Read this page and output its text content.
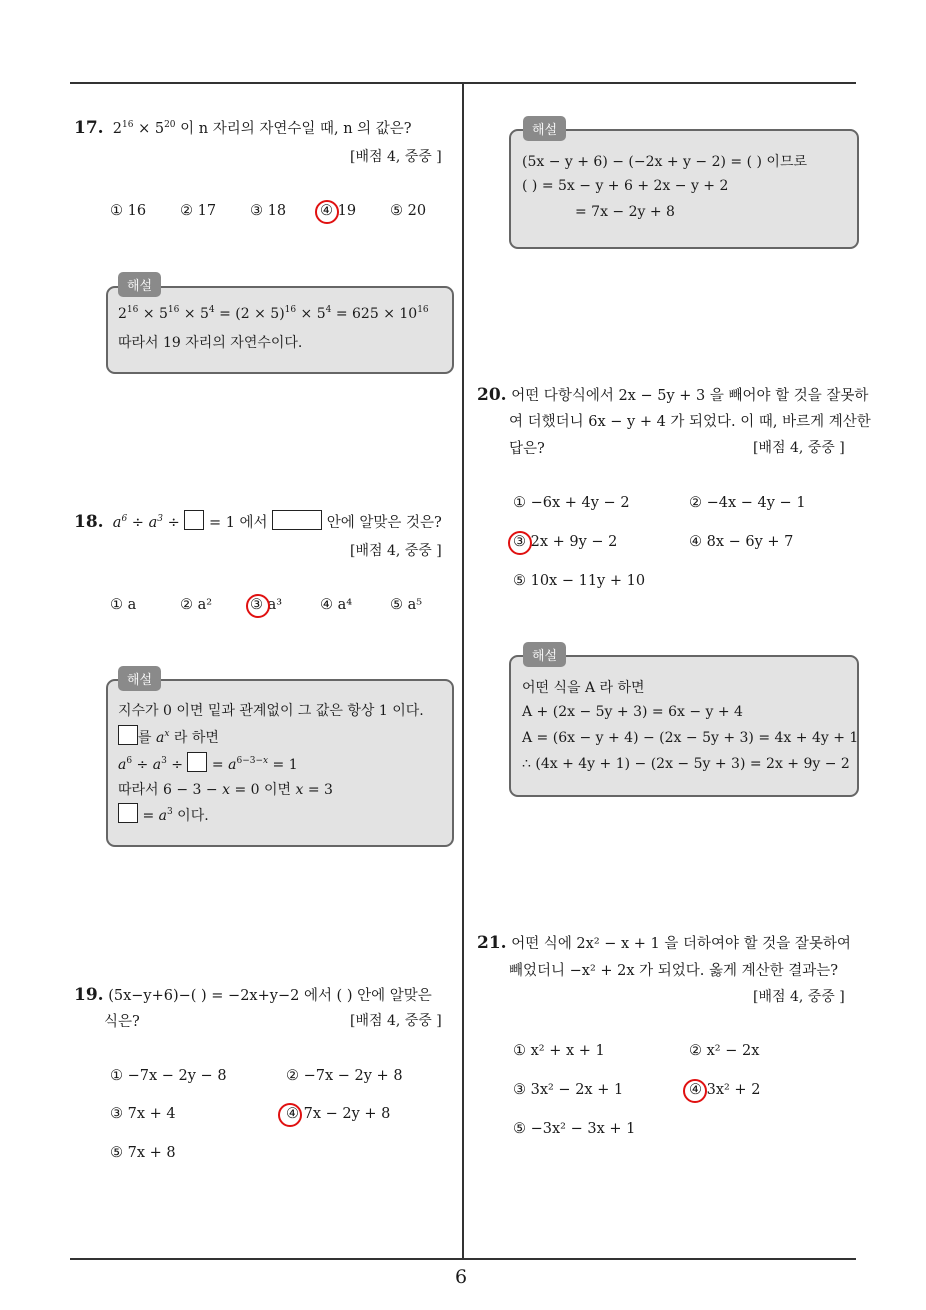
6
17.  $2^{16} \times 5^{20}$ 이 n 자리의 자연수일 때, n 의 값은?
[배점 4, 중중 ]
① 16 ② 17 ③ 18 ④ 19 ⑤ 20
해설
$2^{16} \times 5^{16} \times 5^4 = (2 \times 5)^{16} \times 5^4 = 625 \times 10^{16}$
따라서 19 자리의 자연수이다.
18.  $a^6 \div a^3$ ÷ = 1 에서	안에 알맞은 것은?
[배점 4, 중중 ]
① a	② a²	③ a³	④ a⁴	⑤ a⁵
해설
지수가 0 이면 밑과 관계없이 그 값은 항상 1 이다.
를 $a^x$ 라 하면
$a^6 \div a^3$ ÷  = $a^{6-3-x} = 1$
따라서 6 − 3 − x = 0 이면 x = 3
= $a^3$ 이다.
19. (5x−y+6)−( ) = −2x+y−2 에서 ( ) 안에 알맞은
식은?	[배점 4, 중중 ]
① −7x − 2y − 8	② −7x − 2y + 8
③ 7x + 4	④ 7x − 2y + 8
⑤ 7x + 8
해설
(5x − y + 6) − (−2x + y − 2) = ( ) 이므로
( ) = 5x − y + 6 + 2x − y + 2
= 7x − 2y + 8
20. 어떤 다항식에서 2x − 5y + 3 을 빼어야 할 것을 잘못하
여 더했더니 6x − y + 4 가 되었다. 이 때, 바르게 계산한
답은?	[배점 4, 중중 ]
① −6x + 4y − 2	② −4x − 4y − 1
③ 2x + 9y − 2	④ 8x − 6y + 7
⑤ 10x − 11y + 10
해설
어떤 식을 A 라 하면
A + (2x − 5y + 3) = 6x − y + 4
A = (6x − y + 4) − (2x − 5y + 3) = 4x + 4y + 1
∴ (4x + 4y + 1) − (2x − 5y + 3) = 2x + 9y − 2
21. 어떤 식에 2x² − x + 1 을 더하여야 할 것을 잘못하여
빼었더니 −x² + 2x 가 되었다. 옳게 계산한 결과는?
[배점 4, 중중 ]
① x² + x + 1	② x² − 2x
③ 3x² − 2x + 1	④ 3x² + 2
⑤ −3x² − 3x + 1
